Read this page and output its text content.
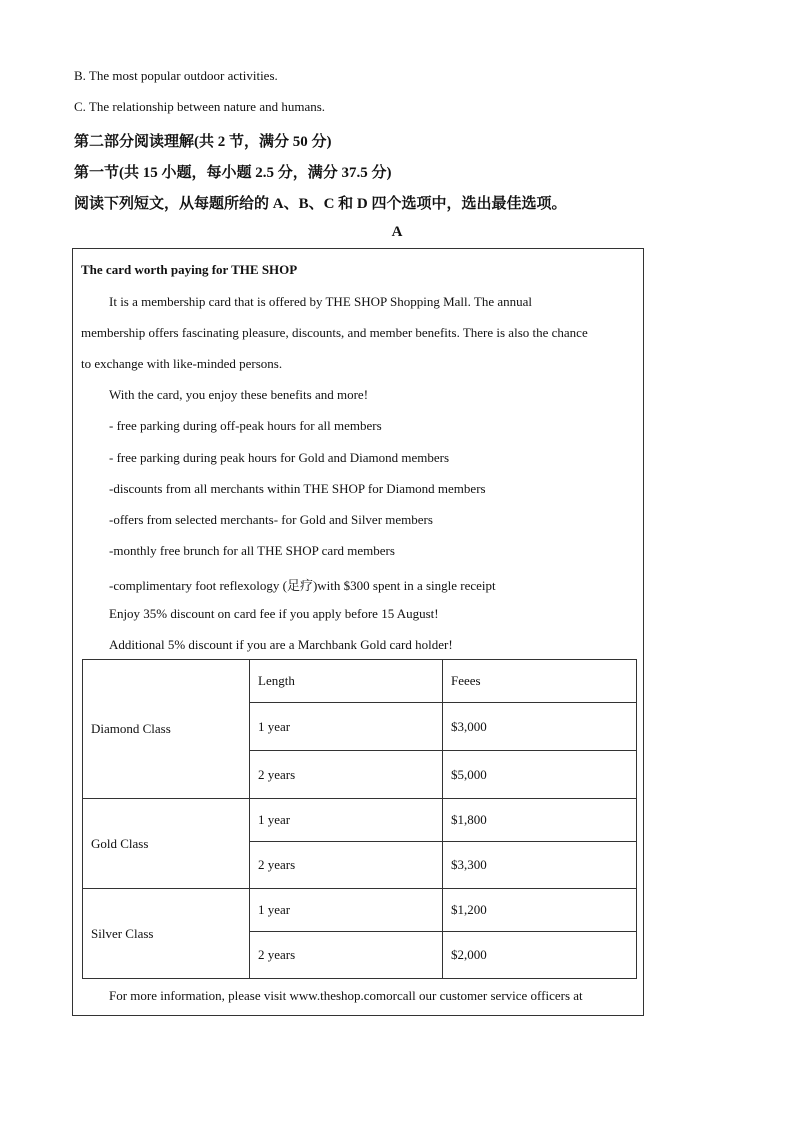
B. The most popular outdoor activities.
C. The relationship between nature and humans.
第二部分阅读理解(共 2 节，满分 50 分)
第一节(共 15 小题，每小题 2.5 分，满分 37.5 分)
阅读下列短文，从每题所给的 A、B、C 和 D 四个选项中，选出最佳选项。
A
The card worth paying for THE SHOP
It is a membership card that is offered by THE SHOP Shopping Mall. The annual
membership offers fascinating pleasure, discounts, and member benefits. There is also the chance
to exchange with like-minded persons.
With the card, you enjoy these benefits and more!
- free parking during off-peak hours for all members
- free parking during peak hours for Gold and Diamond members
-discounts from all merchants within THE SHOP for Diamond members
-offers from selected merchants- for Gold and Silver members
-monthly free brunch for all THE SHOP card members
-complimentary foot reflexology (足疗)with $300 spent in a single receipt
Enjoy 35% discount on card fee if you apply before 15 August!
Additional 5% discount if you are a Marchbank Gold card holder!
Diamond Class	Length	Feees
	1 year	$3,000
	2 years	$5,000
Gold Class	1 year	$1,800
	2 years	$3,300
Silver Class	1 year	$1,200
	2 years	$2,000
For more information, please visit www.theshop.comorcall our customer service officers at
